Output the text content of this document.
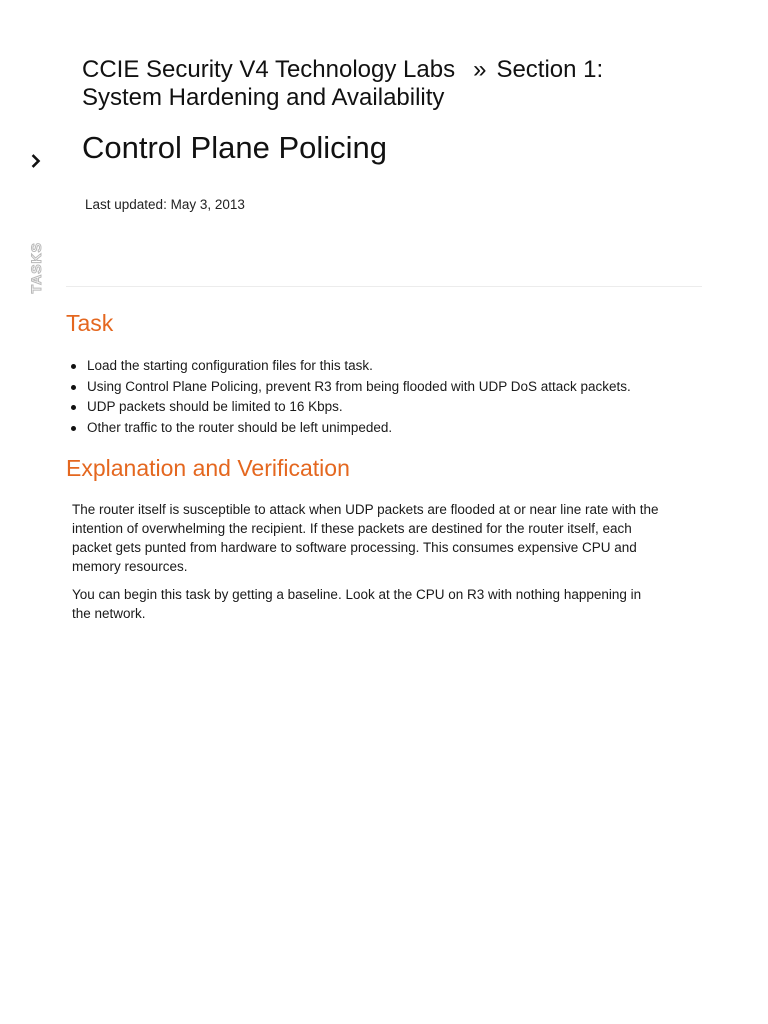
TASKS
CCIE Security V4 Technology Labs » Section 1:
System Hardening and Availability
Control Plane Policing
Last updated: May 3, 2013
Task
Load the starting configuration files for this task.
Using Control Plane Policing, prevent R3 from being flooded with UDP DoS attack packets.
UDP packets should be limited to 16 Kbps.
Other traffic to the router should be left unimpeded.
Explanation and Verification

The router itself is susceptible to attack when UDP packets are flooded at or near line rate with the intention of overwhelming the recipient. If these packets are destined for the router itself, each packet gets punted from hardware to software processing. This consumes expensive CPU and memory resources.

You can begin this task by getting a baseline. Look at the CPU on R3 with nothing happening in the network.
